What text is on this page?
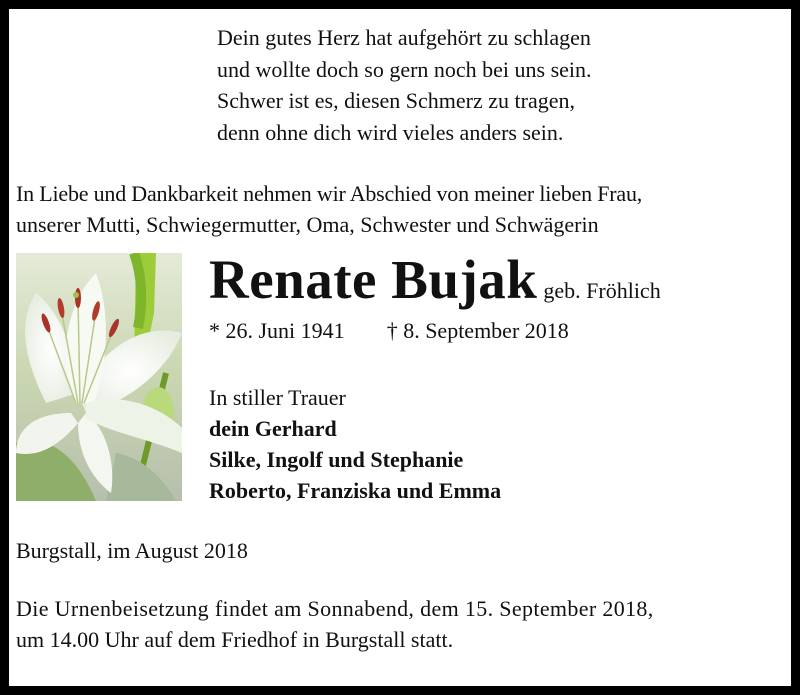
Dein gutes Herz hat aufgehört zu schlagen
und wollte doch so gern noch bei uns sein.
Schwer ist es, diesen Schmerz zu tragen,
denn ohne dich wird vieles anders sein.
In Liebe und Dankbarkeit nehmen wir Abschied von meiner lieben Frau,
unserer Mutti, Schwiegermutter, Oma, Schwester und Schwägerin
Renate Bujak geb. Fröhlich
* 26. Juni 1941 † 8. September 2018
In stiller Trauer
dein Gerhard
Silke, Ingolf und Stephanie
Roberto, Franziska und Emma
Burgstall, im August 2018
Die Urnenbeisetzung findet am Sonnabend, dem 15. September 2018,
um 14.00 Uhr auf dem Friedhof in Burgstall statt.
